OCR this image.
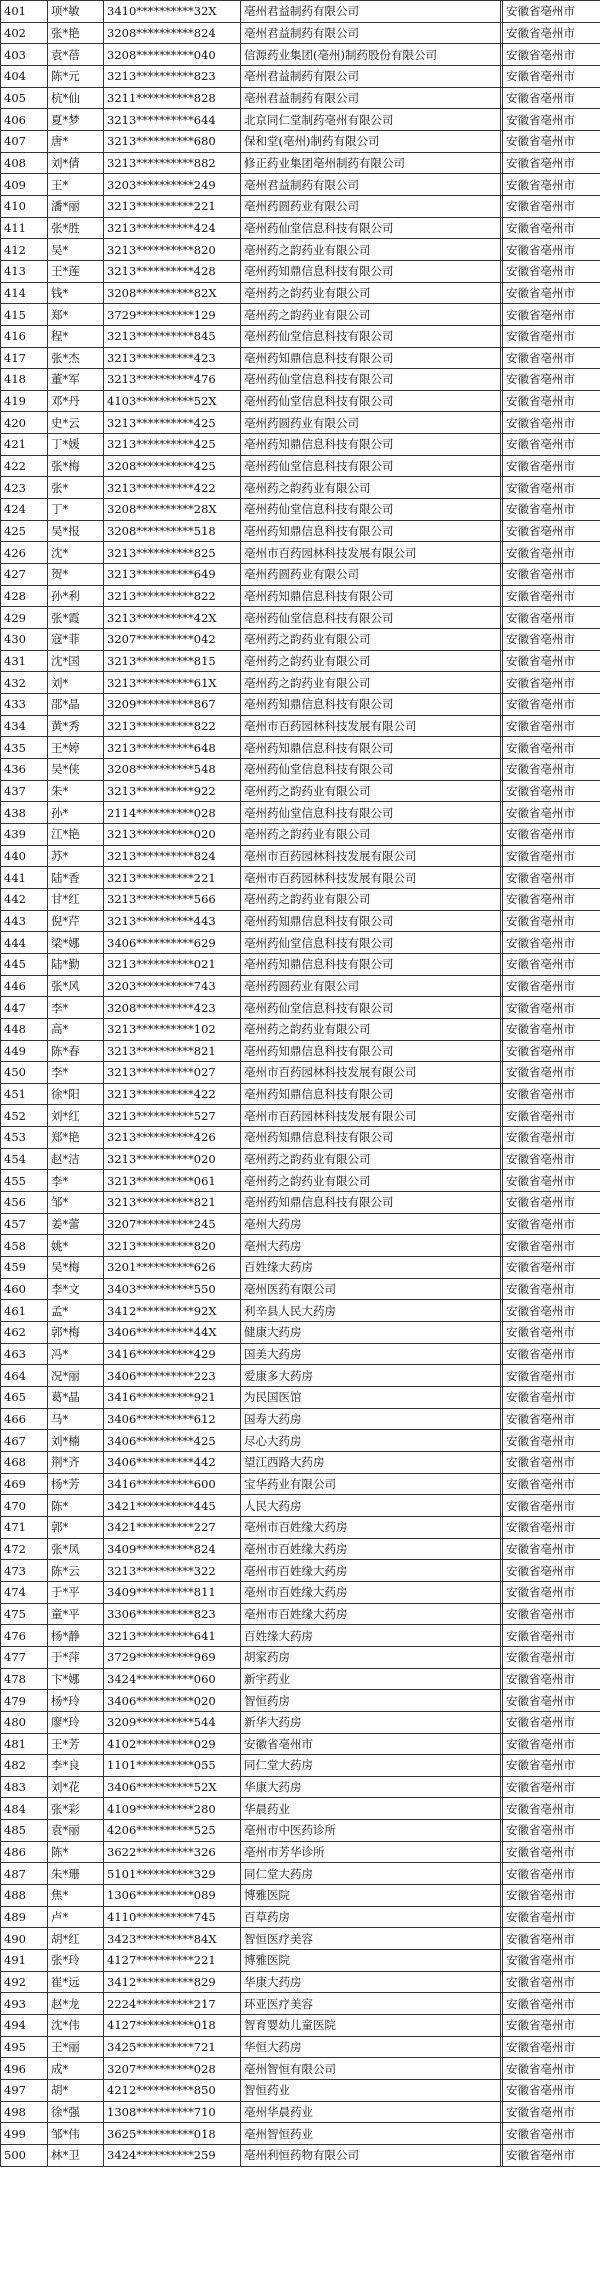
401	项*敏	3410**********32X	亳州君益制药有限公司		安徽省亳州市
402	张*艳	3208**********824	亳州君益制药有限公司		安徽省亳州市
403	袁*蓓	3208**********040	信源药业集团(亳州)制药股份有限公司		安徽省亳州市
404	陈*元	3213**********823	亳州君益制药有限公司		安徽省亳州市
405	杭*仙	3211**********828	亳州君益制药有限公司		安徽省亳州市
406	夏*梦	3213**********644	北京同仁堂制药亳州有限公司		安徽省亳州市
407	唐*	3213**********680	保和堂(亳州)制药有限公司		安徽省亳州市
408	刘*倩	3213**********882	修正药业集团亳州制药有限公司		安徽省亳州市
409	王*	3203**********249	亳州君益制药有限公司		安徽省亳州市
410	潘*丽	3213**********221	亳州药圆药业有限公司		安徽省亳州市
411	张*胜	3213**********424	亳州药仙堂信息科技有限公司		安徽省亳州市
412	吴*	3213**********820	亳州药之韵药业有限公司		安徽省亳州市
413	王*莲	3213**********428	亳州药知鼎信息科技有限公司		安徽省亳州市
414	钱*	3208**********82X	亳州药之韵药业有限公司		安徽省亳州市
415	郑*	3729**********129	亳州药之韵药业有限公司		安徽省亳州市
416	程*	3213**********845	亳州药仙堂信息科技有限公司		安徽省亳州市
417	张*杰	3213**********423	亳州药知鼎信息科技有限公司		安徽省亳州市
418	董*军	3213**********476	亳州药仙堂信息科技有限公司		安徽省亳州市
419	邓*丹	4103**********52X	亳州药仙堂信息科技有限公司		安徽省亳州市
420	史*云	3213**********425	亳州药圆药业有限公司		安徽省亳州市
421	丁*媛	3213**********425	亳州药知鼎信息科技有限公司		安徽省亳州市
422	张*梅	3208**********425	亳州药仙堂信息科技有限公司		安徽省亳州市
423	张*	3213**********422	亳州药之韵药业有限公司		安徽省亳州市
424	丁*	3208**********28X	亳州药仙堂信息科技有限公司		安徽省亳州市
425	吴*报	3208**********518	亳州药知鼎信息科技有限公司		安徽省亳州市
426	沈*	3213**********825	亳州市百药园林科技发展有限公司		安徽省亳州市
427	贺*	3213**********649	亳州药圆药业有限公司		安徽省亳州市
428	孙*利	3213**********822	亳州药知鼎信息科技有限公司		安徽省亳州市
429	张*霞	3213**********42X	亳州药仙堂信息科技有限公司		安徽省亳州市
430	寇*菲	3207**********042	亳州药之韵药业有限公司		安徽省亳州市
431	沈*国	3213**********815	亳州药之韵药业有限公司		安徽省亳州市
432	刘*	3213**********61X	亳州药之韵药业有限公司		安徽省亳州市
433	邵*晶	3209**********867	亳州药知鼎信息科技有限公司		安徽省亳州市
434	黄*秀	3213**********822	亳州市百药园林科技发展有限公司		安徽省亳州市
435	王*婷	3213**********648	亳州药知鼎信息科技有限公司		安徽省亳州市
436	吴*侠	3208**********548	亳州药仙堂信息科技有限公司		安徽省亳州市
437	朱*	3213**********922	亳州药之韵药业有限公司		安徽省亳州市
438	孙*	2114**********028	亳州药仙堂信息科技有限公司		安徽省亳州市
439	江*艳	3213**********020	亳州药之韵药业有限公司		安徽省亳州市
440	苏*	3213**********824	亳州市百药园林科技发展有限公司		安徽省亳州市
441	陆*香	3213**********221	亳州市百药园林科技发展有限公司		安徽省亳州市
442	甘*红	3213**********566	亳州药之韵药业有限公司		安徽省亳州市
443	倪*芹	3213**********443	亳州药知鼎信息科技有限公司		安徽省亳州市
444	梁*娜	3406**********629	亳州药仙堂信息科技有限公司		安徽省亳州市
445	陆*勤	3213**********021	亳州药知鼎信息科技有限公司		安徽省亳州市
446	张*风	3203**********743	亳州药圆药业有限公司		安徽省亳州市
447	李*	3208**********423	亳州药仙堂信息科技有限公司		安徽省亳州市
448	高*	3213**********102	亳州药之韵药业有限公司		安徽省亳州市
449	陈*春	3213**********821	亳州药知鼎信息科技有限公司		安徽省亳州市
450	李*	3213**********027	亳州市百药园林科技发展有限公司		安徽省亳州市
451	徐*阳	3213**********422	亳州药知鼎信息科技有限公司		安徽省亳州市
452	刘*红	3213**********527	亳州市百药园林科技发展有限公司		安徽省亳州市
453	郑*艳	3213**********426	亳州药知鼎信息科技有限公司		安徽省亳州市
454	赵*洁	3213**********020	亳州药之韵药业有限公司		安徽省亳州市
455	李*	3213**********061	亳州药之韵药业有限公司		安徽省亳州市
456	邹*	3213**********821	亳州药知鼎信息科技有限公司		安徽省亳州市
457	姜*蕾	3207**********245	亳州大药房		安徽省亳州市
458	姚*	3213**********820	亳州大药房		安徽省亳州市
459	吴*梅	3201**********626	百姓缘大药房		安徽省亳州市
460	李*文	3403**********550	亳州医药有限公司		安徽省亳州市
461	孟*	3412**********92X	利辛县人民大药房		安徽省亳州市
462	郭*梅	3406**********44X	健康大药房		安徽省亳州市
463	冯*	3416**********429	国美大药房		安徽省亳州市
464	况*丽	3406**********223	爱康多大药房		安徽省亳州市
465	葛*晶	3416**********921	为民国医馆		安徽省亳州市
466	马*	3406**********612	国寿大药房		安徽省亳州市
467	刘*楠	3406**********425	尽心大药房		安徽省亳州市
468	荆*齐	3406**********442	望江西路大药房		安徽省亳州市
469	杨*芳	3416**********600	宝华药业有限公司		安徽省亳州市
470	陈*	3421**********445	人民大药房		安徽省亳州市
471	郭*	3421**********227	亳州市百姓缘大药房		安徽省亳州市
472	张*凤	3409**********824	亳州市百姓缘大药房		安徽省亳州市
473	陈*云	3213**********322	亳州市百姓缘大药房		安徽省亳州市
474	于*平	3409**********811	亳州市百姓缘大药房		安徽省亳州市
475	童*平	3306**********823	亳州市百姓缘大药房		安徽省亳州市
476	杨*静	3213**********641	百姓缘大药房		安徽省亳州市
477	于*萍	3729**********969	胡家药房		安徽省亳州市
478	卞*娜	3424**********060	新宇药业		安徽省亳州市
479	杨*玲	3406**********020	智恒药房		安徽省亳州市
480	廖*玲	3209**********544	新华大药房		安徽省亳州市
481	王*芳	4102**********029	安徽省亳州市		安徽省亳州市
482	李*良	1101**********055	同仁堂大药房		安徽省亳州市
483	刘*花	3406**********52X	华康大药房		安徽省亳州市
484	张*彩	4109**********280	华晨药业		安徽省亳州市
485	袁*丽	4206**********525	亳州市中医药诊所		安徽省亳州市
486	陈*	3622**********326	亳州市芳华诊所		安徽省亳州市
487	朱*珊	5101**********329	同仁堂大药房		安徽省亳州市
488	焦*	1306**********089	博雅医院		安徽省亳州市
489	卢*	4110**********745	百草药房		安徽省亳州市
490	胡*红	3423**********84X	智恒医疗美容		安徽省亳州市
491	张*玲	4127**********221	博雅医院		安徽省亳州市
492	崔*远	3412**********829	华康大药房		安徽省亳州市
493	赵*龙	2224**********217	环亚医疗美容		安徽省亳州市
494	沈*伟	4127**********018	智育婴幼儿童医院		安徽省亳州市
495	王*丽	3425**********721	华恒大药房		安徽省亳州市
496	成*	3207**********028	亳州智恒有限公司		安徽省亳州市
497	胡*	4212**********850	智恒药业		安徽省亳州市
498	徐*强	1308**********710	亳州华晨药业		安徽省亳州市
499	邹*伟	3625**********018	亳州智恒药业		安徽省亳州市
500	林*卫	3424**********259	亳州利恒药物有限公司		安徽省亳州市
